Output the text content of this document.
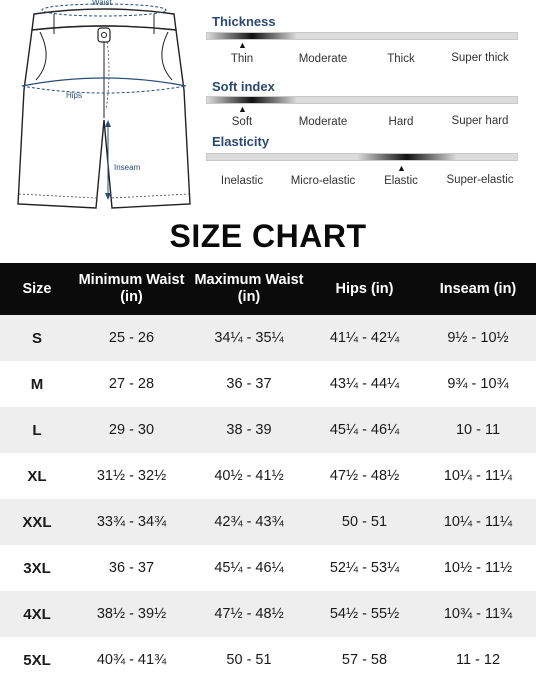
Waist
Hips
Inseam
Thickness
▲
Thin	Moderate	Thick	Super thick
Soft index
▲
Soft	Moderate	Hard	Super hard
Elasticity
▲
Inelastic Micro-elastic	Elastic Super-elastic
SIZE CHART
Size	Minimum Waist (in)	Maximum Waist (in)	Hips (in)	Inseam (in)
S	25 - 26	34¼ - 35¼	41¼ - 42¼	9½ - 10½
M	27 - 28	36 - 37	43¼ - 44¼	9¾ - 10¾
L	29 - 30	38 - 39	45¼ - 46¼	10 - 11
XL	31½ - 32½	40½ - 41½	47½ - 48½	10¼ - 11¼
XXL	33¾ - 34¾	42¾ - 43¾	50 - 51	10¼ - 11¼
3XL	36 - 37	45¼ - 46¼	52¼ - 53¼	10½ - 11½
4XL	38½ - 39½	47½ - 48½	54½ - 55½	10¾ - 11¾
5XL	40¾ - 41¾	50 - 51	57 - 58	11 - 12
